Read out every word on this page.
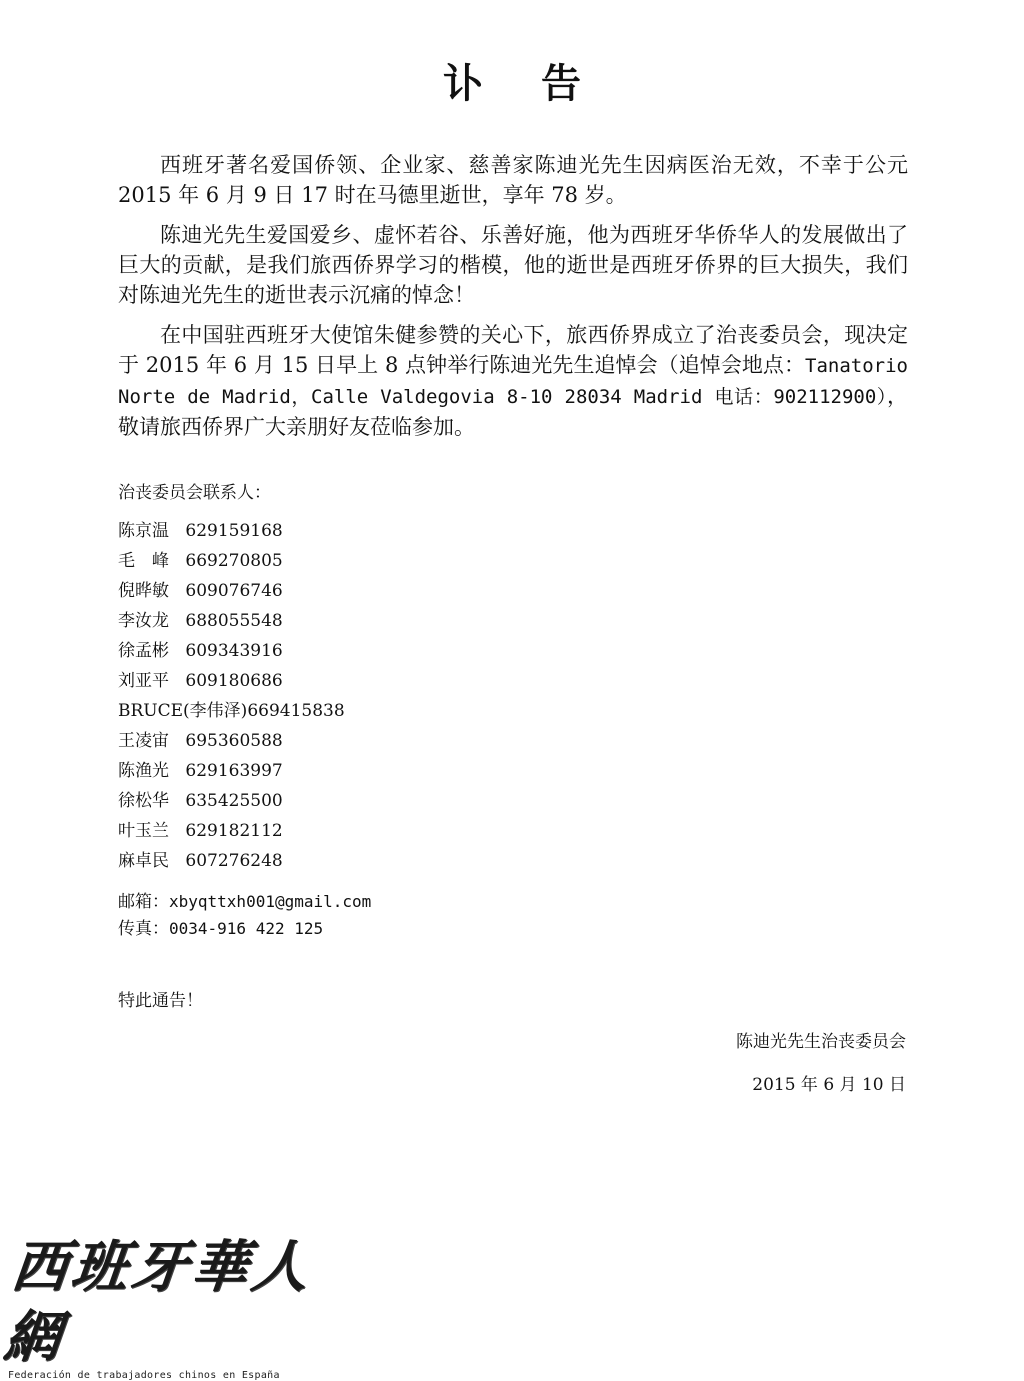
讣 告

西班牙著名爱国侨领、企业家、慈善家陈迪光先生因病医治无效，不幸于公元 2015 年 6 月 9 日 17 时在马德里逝世，享年 78 岁。

陈迪光先生爱国爱乡、虚怀若谷、乐善好施，他为西班牙华侨华人的发展做出了巨大的贡献，是我们旅西侨界学习的楷模，他的逝世是西班牙侨界的巨大损失，我们对陈迪光先生的逝世表示沉痛的悼念！

在中国驻西班牙大使馆朱健参赞的关心下，旅西侨界成立了治丧委员会，现决定于 2015 年 6 月 15 日早上 8 点钟举行陈迪光先生追悼会（追悼会地点：Tanatorio Norte de Madrid，Calle Valdegovia 8-10 28034 Madrid 电话：902112900），敬请旅西侨界广大亲朋好友莅临参加。

治丧委员会联系人：
陈京温 629159168
毛　峰 669270805
倪晔敏 609076746
李汝龙 688055548
徐孟彬 609343916
刘亚平 609180686
BRUCE(李伟泽)669415838
王凌宙 695360588
陈渔光 629163997
徐松华 635425500
叶玉兰 629182112
麻卓民 607276248
邮箱：xbyqttxh001@gmail.com
传真：0034-916 422 125
特此通告！
陈迪光先生治丧委员会
2015 年 6 月 10 日
西班牙華人網
Federación de trabajadores chinos en España
